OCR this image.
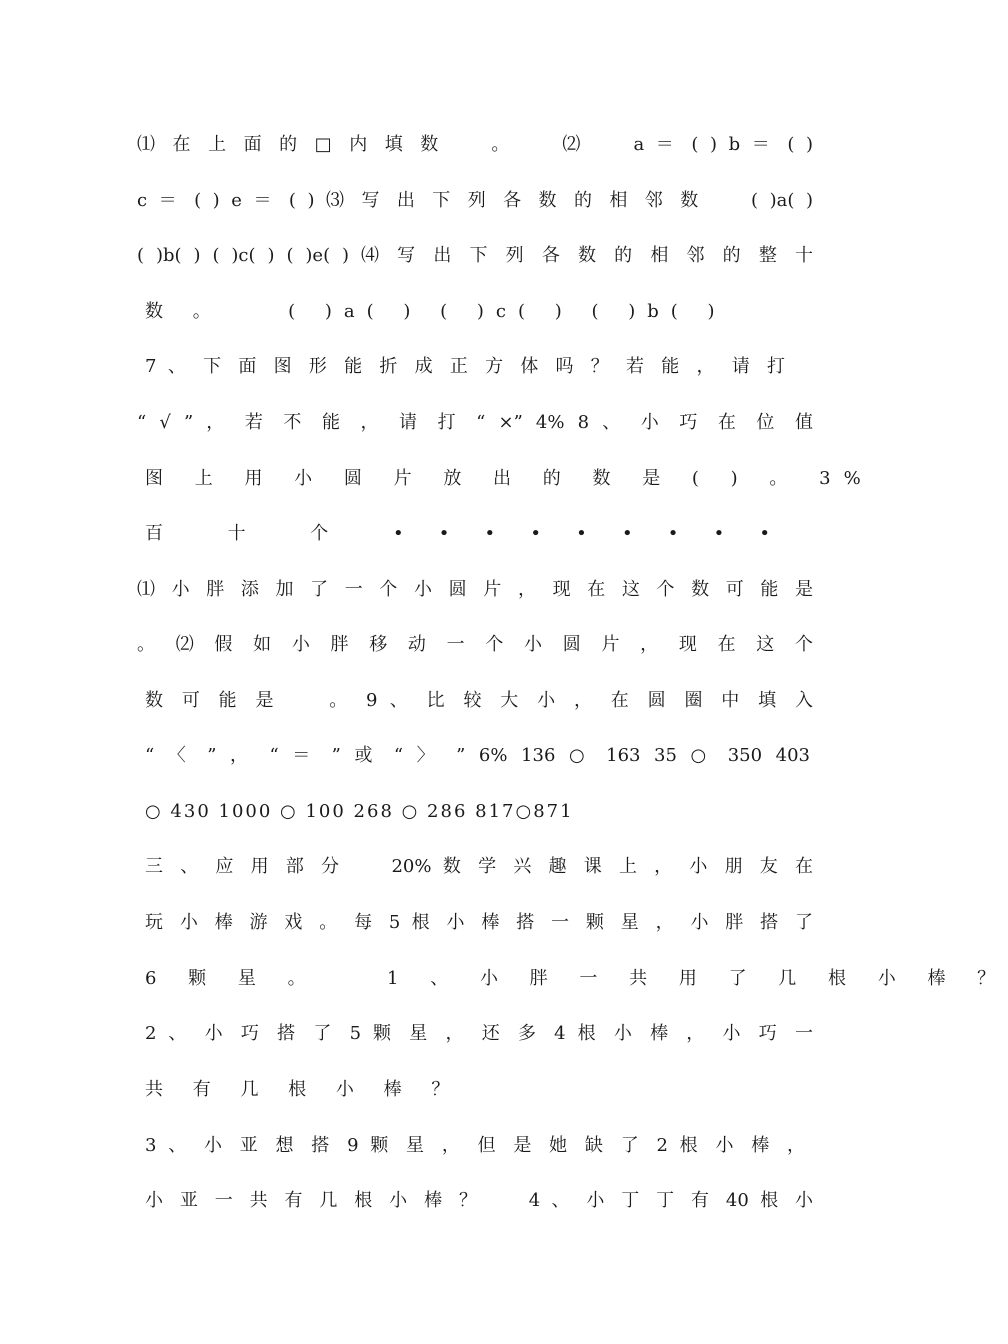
⑴ 在 上 面 的 □ 内 填 数 　 。 　 ⑵ 　 a ＝ ( ) b ＝ ( )
c ＝ ( ) e ＝ ( ) ⑶ 写 出 下 列 各 数 的 相 邻 数 　 ( )a( )
( )b( ) ( )c( ) ( )e( ) ⑷ 写 出 下 列 各 数 的 相 邻 的 整 十
数 。 　 ( )a( ) ( )c( ) ( )b( )
7 、 下 面 图 形 能 折 成 正 方 体 吗 ？ 若 能 ， 请 打
“ √ ” ， 若 不 能 ， 请 打 “ ×” 4% 8 、 小 巧 在 位 值
图 上 用 小 圆 片 放 出 的 数 是 ( ) 。 3%
百 十 个 • • • • • • • • •
⑴ 小 胖 添 加 了 一 个 小 圆 片 ， 现 在 这 个 数 可 能 是
。 ⑵ 假 如 小 胖 移 动 一 个 小 圆 片 ， 现 在 这 个
数 可 能 是 　 。 9 、 比 较 大 小 ， 在 圆 圈 中 填 入
“ 〈 ” ， “ ＝ ” 或 “ 〉 ” 6% 136 ○ 163 35 ○ 350 403
○ 430 1000 ○ 100 268 ○ 286 817○871
三 、 应 用 部 分 　 20% 数 学 兴 趣 课 上 ， 小 朋 友 在
玩 小 棒 游 戏 。 每 5 根 小 棒 搭 一 颗 星 ， 小 胖 搭 了
6 颗 星 。 　 1 、 小 胖 一 共 用 了 几 根 小 棒 ？
2 、 小 巧 搭 了 5 颗 星 ， 还 多 4 根 小 棒 ， 小 巧 一
共 有 几 根 小 棒 ？
3 、 小 亚 想 搭 9 颗 星 ， 但 是 她 缺 了 2 根 小 棒 ，
小 亚 一 共 有 几 根 小 棒 ？ 　 4 、 小 丁 丁 有 40 根 小
